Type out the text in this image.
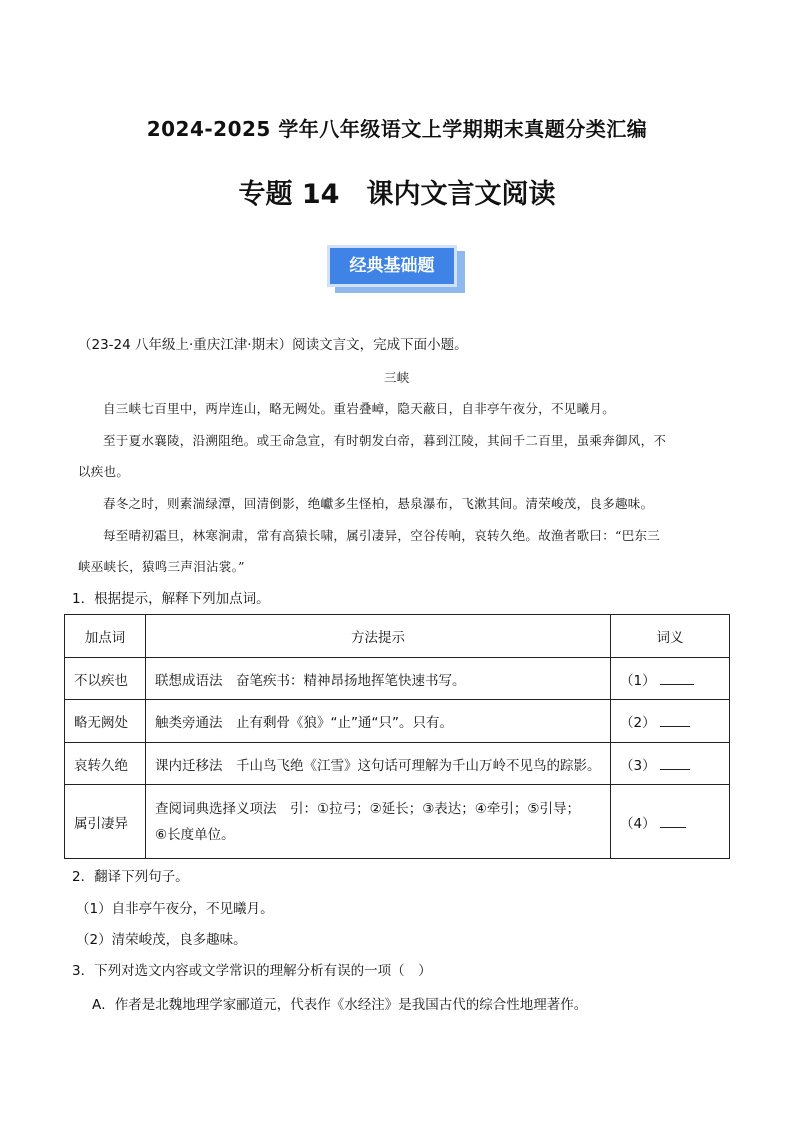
2024-2025 学年八年级语文上学期期末真题分类汇编
专题 14　课内文言文阅读
经典基础题
（23-24 八年级上·重庆江津·期末）阅读文言文，完成下面小题。
三峡
自三峡七百里中，两岸连山，略无阙处。重岩叠嶂，隐天蔽日，自非亭午夜分，不见曦月。
至于夏水襄陵，沿溯阻绝。或王命急宣，有时朝发白帝，暮到江陵，其间千二百里，虽乘奔御风，不
以疾也。
春冬之时，则素湍绿潭，回清倒影，绝巘多生怪柏，悬泉瀑布，飞漱其间。清荣峻茂，良多趣味。
每至晴初霜旦，林寒涧肃，常有高猿长啸，属引凄异，空谷传响，哀转久绝。故渔者歌曰：“巴东三
峡巫峡长，猿鸣三声泪沾裳。”
1．根据提示，解释下列加点词。
加点词	方法提示	词义
不以疾也	联想成语法　奋笔疾书：精神昂扬地挥笔快速书写。	（1）
略无阙处	触类旁通法　止有剩骨《狼》“止”通“只”。只有。	（2）
哀转久绝	课内迁移法　千山鸟飞绝《江雪》这句话可理解为千山万岭不见鸟的踪影。	（3）
属引凄异	查阅词典选择义项法　引：①拉弓；②延长；③表达；④牵引；⑤引导；
⑥长度单位。	（4）
2．翻译下列句子。
（1）自非亭午夜分，不见曦月。
（2）清荣峻茂，良多趣味。
3．下列对选文内容或文学常识的理解分析有误的一项（　）
A．作者是北魏地理学家郦道元，代表作《水经注》是我国古代的综合性地理著作。
